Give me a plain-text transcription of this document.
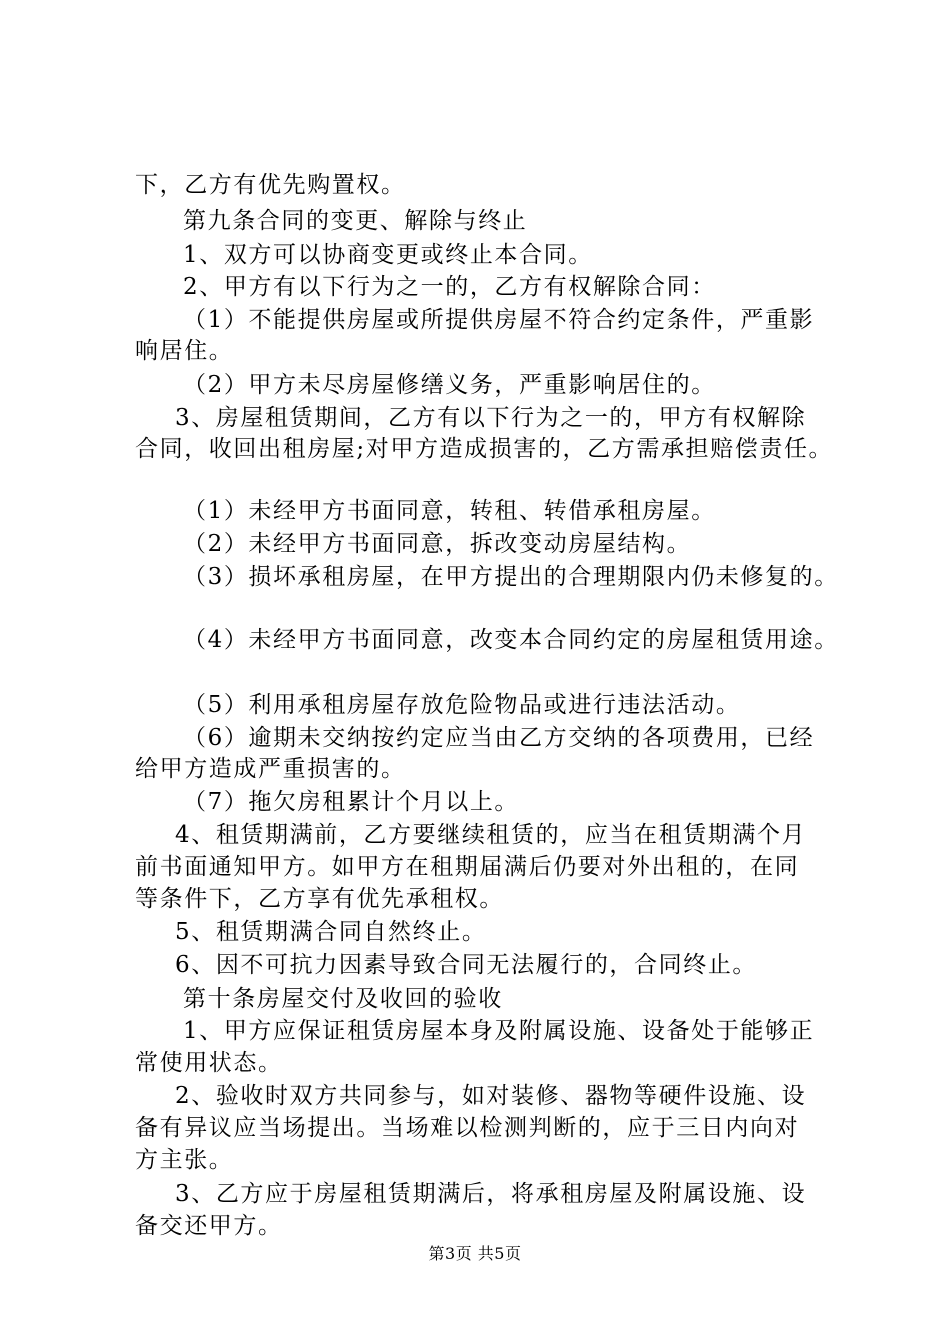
下，乙方有优先购置权。

第九条合同的变更、解除与终止

1、双方可以协商变更或终止本合同。

2、甲方有以下行为之一的，乙方有权解除合同：

（1）不能提供房屋或所提供房屋不符合约定条件，严重影

响居住。

（2）甲方未尽房屋修缮义务，严重影响居住的。

3、房屋租赁期间，乙方有以下行为之一的，甲方有权解除

合同，收回出租房屋;对甲方造成损害的，乙方需承担赔偿责任。

（1）未经甲方书面同意，转租、转借承租房屋。

（2）未经甲方书面同意，拆改变动房屋结构。

（3）损坏承租房屋，在甲方提出的合理期限内仍未修复的。

（4）未经甲方书面同意，改变本合同约定的房屋租赁用途。

（5）利用承租房屋存放危险物品或进行违法活动。

（6）逾期未交纳按约定应当由乙方交纳的各项费用，已经

给甲方造成严重损害的。

（7）拖欠房租累计个月以上。

4、租赁期满前，乙方要继续租赁的，应当在租赁期满个月

前书面通知甲方。如甲方在租期届满后仍要对外出租的，在同

等条件下，乙方享有优先承租权。

5、租赁期满合同自然终止。

6、因不可抗力因素导致合同无法履行的，合同终止。

第十条房屋交付及收回的验收

1、甲方应保证租赁房屋本身及附属设施、设备处于能够正

常使用状态。

2、验收时双方共同参与，如对装修、器物等硬件设施、设

备有异议应当场提出。当场难以检测判断的，应于三日内向对

方主张。

3、乙方应于房屋租赁期满后，将承租房屋及附属设施、设

备交还甲方。

第3页 共5页
